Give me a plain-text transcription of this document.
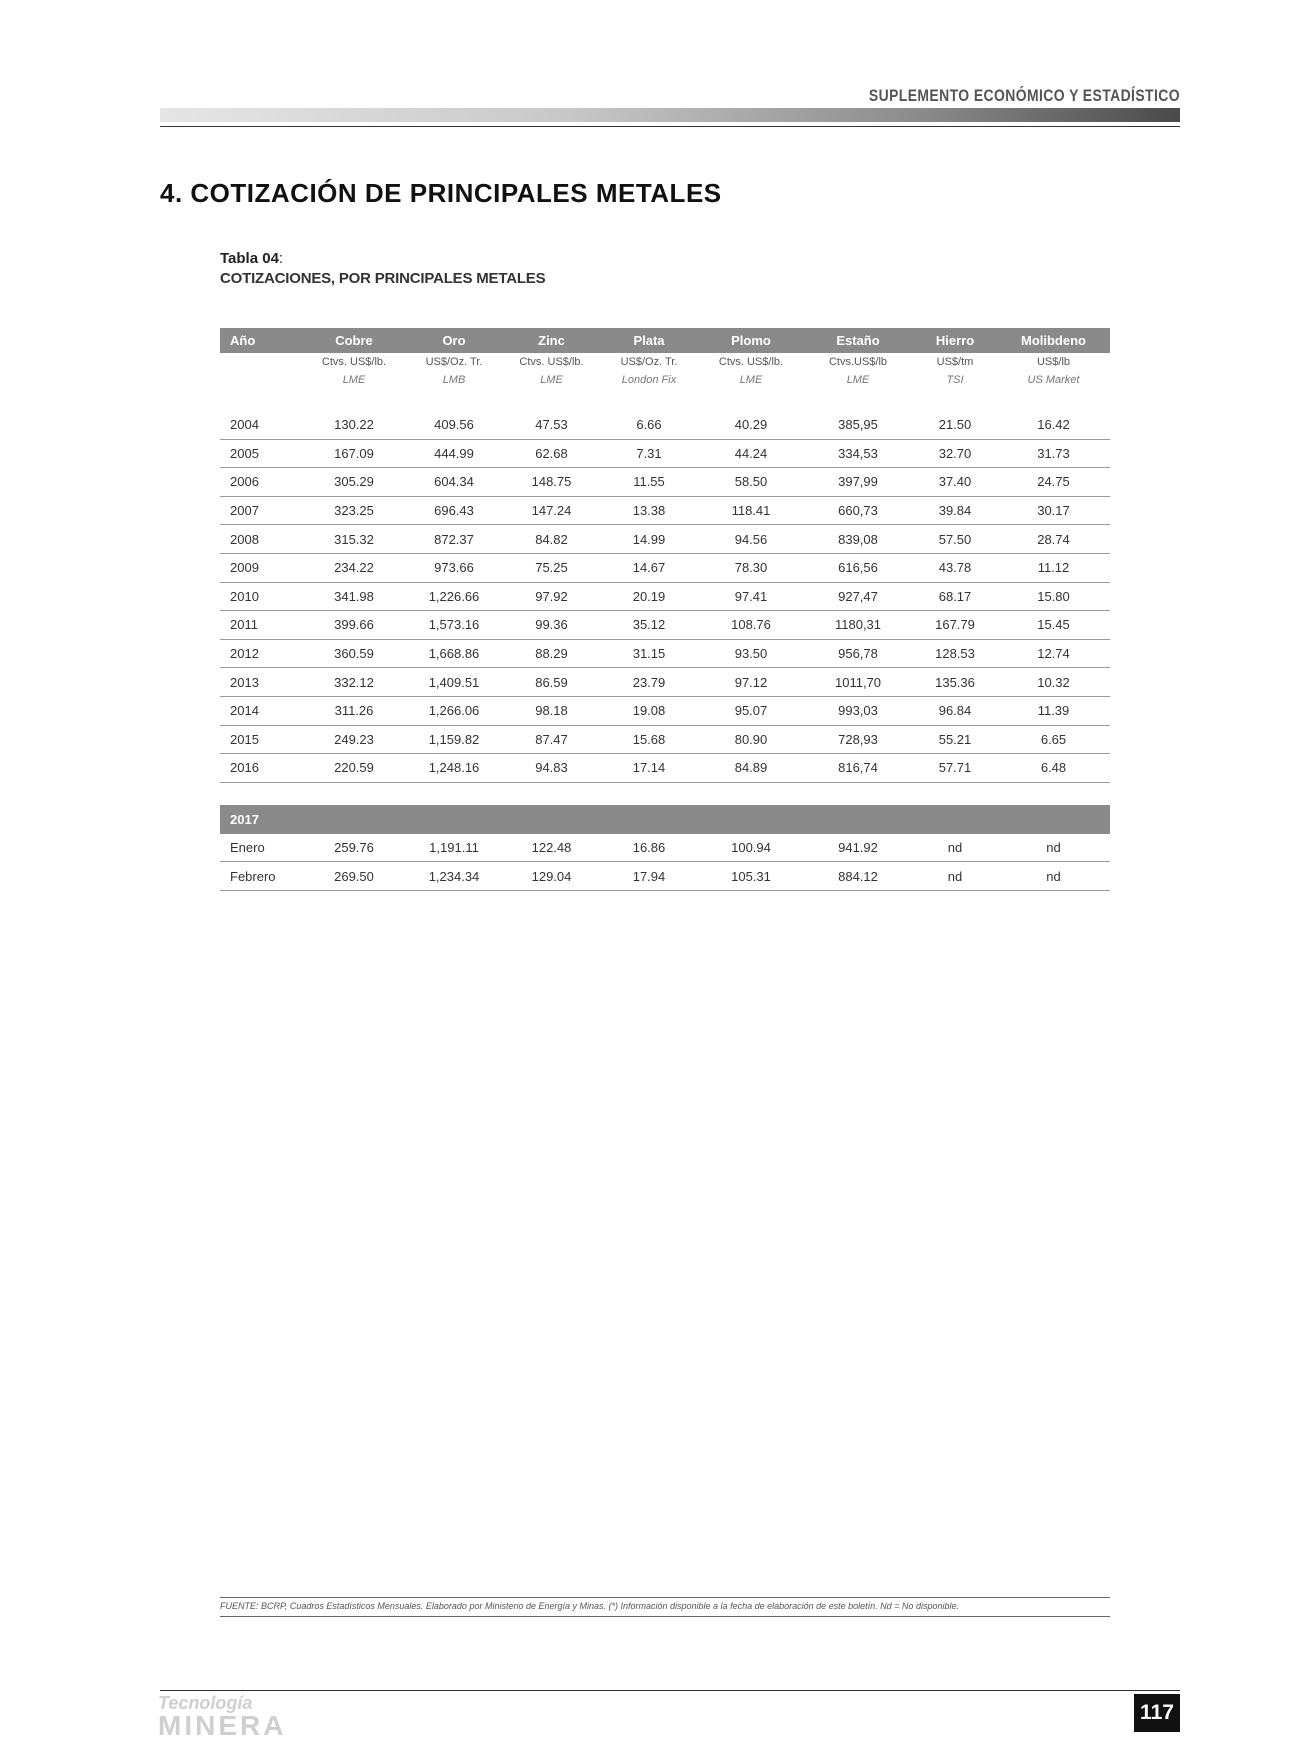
SUPLEMENTO ECONÓMICO Y ESTADÍSTICO
4. COTIZACIÓN DE PRINCIPALES METALES
Tabla 04:
COTIZACIONES, POR PRINCIPALES METALES
Año	Cobre	Oro	Zinc	Plata	Plomo	Estaño	Hierro	Molibdeno
	Ctvs. US$/lb.	US$/Oz. Tr.	Ctvs. US$/lb.	US$/Oz. Tr.	Ctvs. US$/lb.	Ctvs.US$/lb	US$/tm	US$/lb
	LME	LMB	LME	London Fix	LME	LME	TSI	US Market

2004	130.22	409.56	47.53	6.66	40.29	385,95	21.50	16.42
2005	167.09	444.99	62.68	7.31	44.24	334,53	32.70	31.73
2006	305.29	604.34	148.75	11.55	58.50	397,99	37.40	24.75
2007	323.25	696.43	147.24	13.38	118.41	660,73	39.84	30.17
2008	315.32	872.37	84.82	14.99	94.56	839,08	57.50	28.74
2009	234.22	973.66	75.25	14.67	78.30	616,56	43.78	11.12
2010	341.98	1,226.66	97.92	20.19	97.41	927,47	68.17	15.80
2011	399.66	1,573.16	99.36	35.12	108.76	1180,31	167.79	15.45
2012	360.59	1,668.86	88.29	31.15	93.50	956,78	128.53	12.74
2013	332.12	1,409.51	86.59	23.79	97.12	1011,70	135.36	10.32
2014	311.26	1,266.06	98.18	19.08	95.07	993,03	96.84	11.39
2015	249.23	1,159.82	87.47	15.68	80.90	728,93	55.21	6.65
2016	220.59	1,248.16	94.83	17.14	84.89	816,74	57.71	6.48

2017								
Enero	259.76	1,191.11	122.48	16.86	100.94	941.92	nd	nd
Febrero	269.50	1,234.34	129.04	17.94	105.31	884.12	nd	nd
FUENTE: BCRP, Cuadros Estadísticos Mensuales. Elaborado por Ministerio de Energía y Minas. (*) Información disponible a la fecha de elaboración de este boletín. Nd = No disponible.
Tecnología
MINERA	117
